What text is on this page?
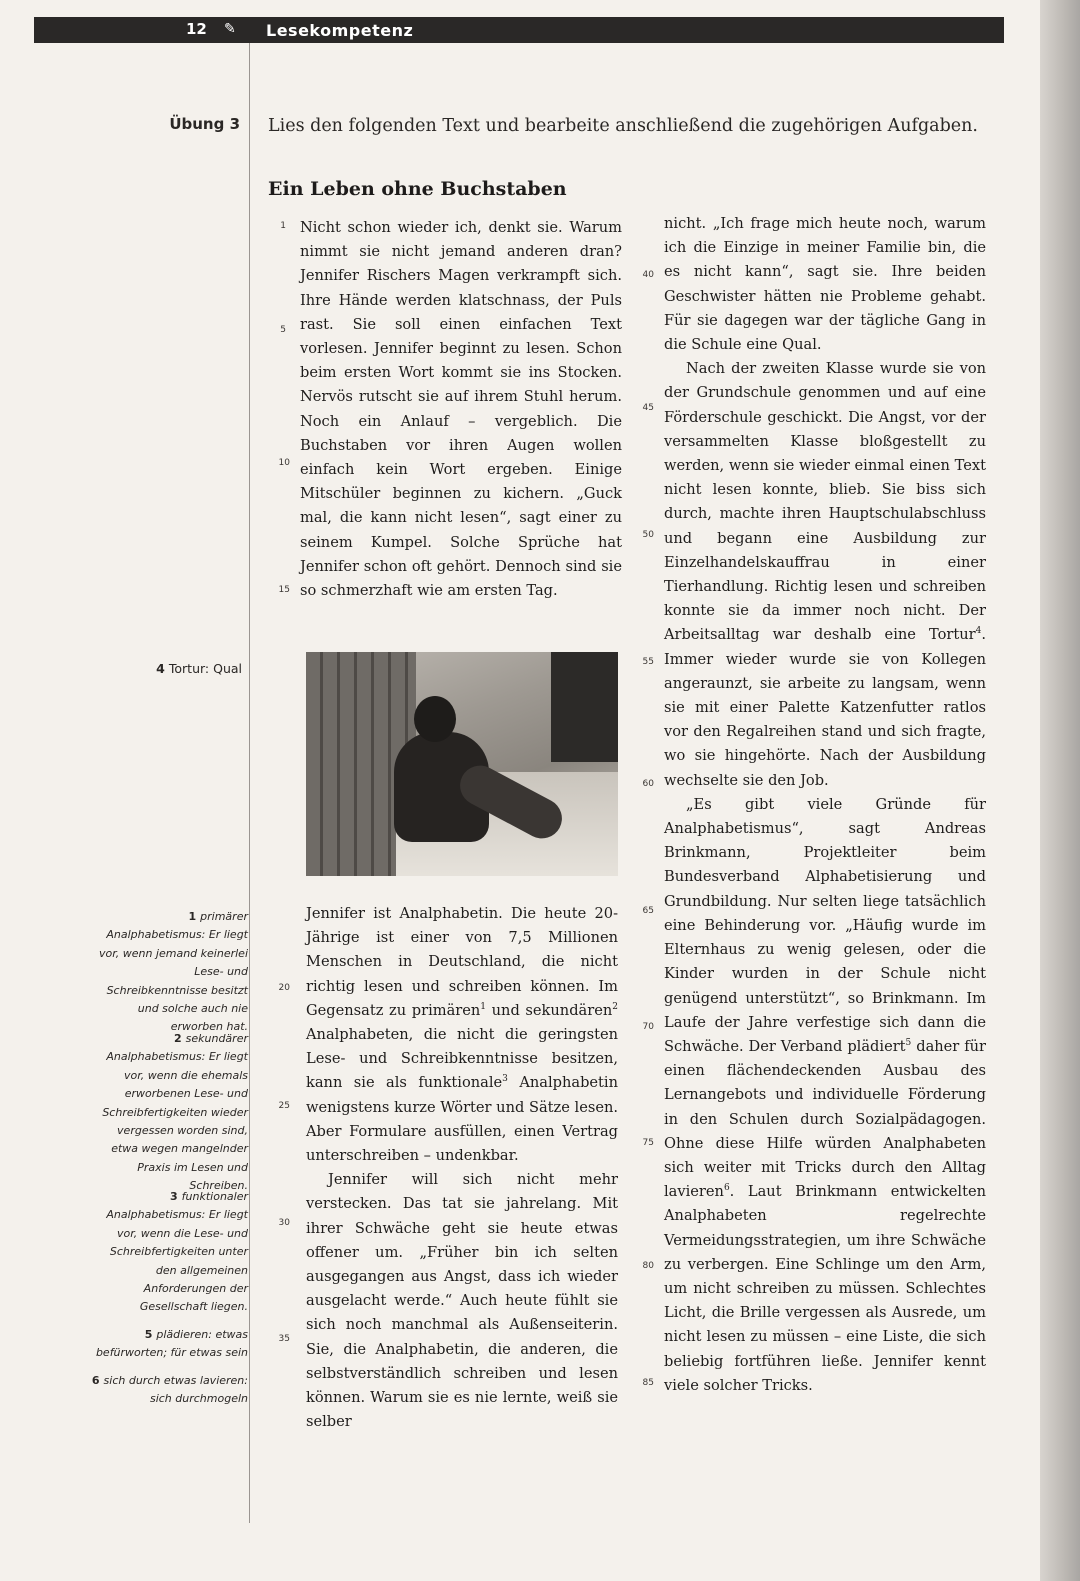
12	✎ Lesekompetenz
Übung 3 Lies den folgenden Text und bearbeite anschließend die zugehörigen Aufgaben.
Ein Leben ohne Buchstaben

Nicht schon wieder ich, denkt sie. Warum nimmt sie nicht jemand anderen dran? Jennifer Rischers Magen verkrampft sich. Ihre Hände werden klatschnass, der Puls rast. Sie soll einen einfachen Text vorlesen. Jennifer beginnt zu lesen. Schon beim ersten Wort kommt sie ins Stocken. Nervös rutscht sie auf ihrem Stuhl herum. Noch ein Anlauf – vergeblich. Die Buchstaben vor ihren Augen wollen einfach kein Wort ergeben. Einige Mitschüler beginnen zu kichern. „Guck mal, die kann nicht lesen“, sagt einer zu seinem Kumpel. Solche Sprüche hat Jennifer schon oft gehört. Dennoch sind sie so schmerzhaft wie am ersten Tag.

Jennifer ist Analphabetin. Die heute 20-Jährige ist einer von 7,5 Millionen Menschen in Deutschland, die nicht richtig lesen und schreiben können. Im Gegensatz zu primären$^1$ und sekundären$^2$ Analphabeten, die nicht die geringsten Lese- und Schreibkenntnisse besitzen, kann sie als funktionale$^3$ Analphabetin wenigstens kurze Wörter und Sätze lesen. Aber Formulare ausfüllen, einen Vertrag unterschreiben – undenkbar.

Jennifer will sich nicht mehr verstecken. Das tat sie jahrelang. Mit ihrer Schwäche geht sie heute etwas offener um. „Früher bin ich selten ausgegangen aus Angst, dass ich wieder ausgelacht werde.“ Auch heute fühlt sie sich noch manchmal als Außenseiterin. Sie, die Analphabetin, die anderen, die selbstverständlich schreiben und lesen können. Warum sie es nie lernte, weiß sie selber

nicht. „Ich frage mich heute noch, warum ich die Einzige in meiner Familie bin, die es nicht kann“, sagt sie. Ihre beiden Geschwister hätten nie Probleme gehabt. Für sie dagegen war der tägliche Gang in die Schule eine Qual.

Nach der zweiten Klasse wurde sie von der Grundschule genommen und auf eine Förderschule geschickt. Die Angst, vor der versammelten Klasse bloßgestellt zu werden, wenn sie wieder einmal einen Text nicht lesen konnte, blieb. Sie biss sich durch, machte ihren Hauptschulabschluss und begann eine Ausbildung zur Einzelhandelskauffrau in einer Tierhandlung. Richtig lesen und schreiben konnte sie da immer noch nicht. Der Arbeitsalltag war deshalb eine Tortur$^4$. Immer wieder wurde sie von Kollegen angeraunzt, sie arbeite zu langsam, wenn sie mit einer Palette Katzenfutter ratlos vor den Regalreihen stand und sich fragte, wo sie hingehörte. Nach der Ausbildung wechselte sie den Job.

„Es gibt viele Gründe für Analphabetismus“, sagt Andreas Brinkmann, Projektleiter beim Bundesverband Alphabetisierung und Grundbildung. Nur selten liege tatsächlich eine Behinderung vor. „Häufig wurde im Elternhaus zu wenig gelesen, oder die Kinder wurden in der Schule nicht genügend unterstützt“, so Brinkmann. Im Laufe der Jahre verfestige sich dann die Schwäche. Der Verband plädiert$^5$ daher für einen flächendeckenden Ausbau des Lernangebots und individuelle Förderung in den Schulen durch Sozialpädagogen. Ohne diese Hilfe würden Analphabeten sich weiter mit Tricks durch den Alltag lavieren$^6$. Laut Brinkmann entwickelten Analphabeten regelrechte Vermeidungsstrategien, um ihre Schwäche zu verbergen. Eine Schlinge um den Arm, um nicht schreiben zu müssen. Schlechtes Licht, die Brille vergessen als Ausrede, um nicht lesen zu müssen – eine Liste, die sich beliebig fortführen ließe. Jennifer kennt viele solcher Tricks.

1
5
10
15
20
25
30
35
40
45
50
55
60
65
70
75
80
85
4 Tortur: Qual
1 primärer Analphabetismus: Er liegt vor, wenn jemand keinerlei Lese- und Schreibkenntnisse besitzt und solche auch nie erworben hat.
2 sekundärer Analphabetismus: Er liegt vor, wenn die ehemals erworbenen Lese- und Schreibfertigkeiten wieder vergessen worden sind, etwa wegen mangelnder Praxis im Lesen und Schreiben.
3 funktionaler Analphabetismus: Er liegt vor, wenn die Lese- und Schreibfertigkeiten unter den allgemeinen Anforderungen der Gesellschaft liegen.
5 plädieren: etwas befürworten; für etwas sein
6 sich durch etwas lavieren: sich durchmogeln
